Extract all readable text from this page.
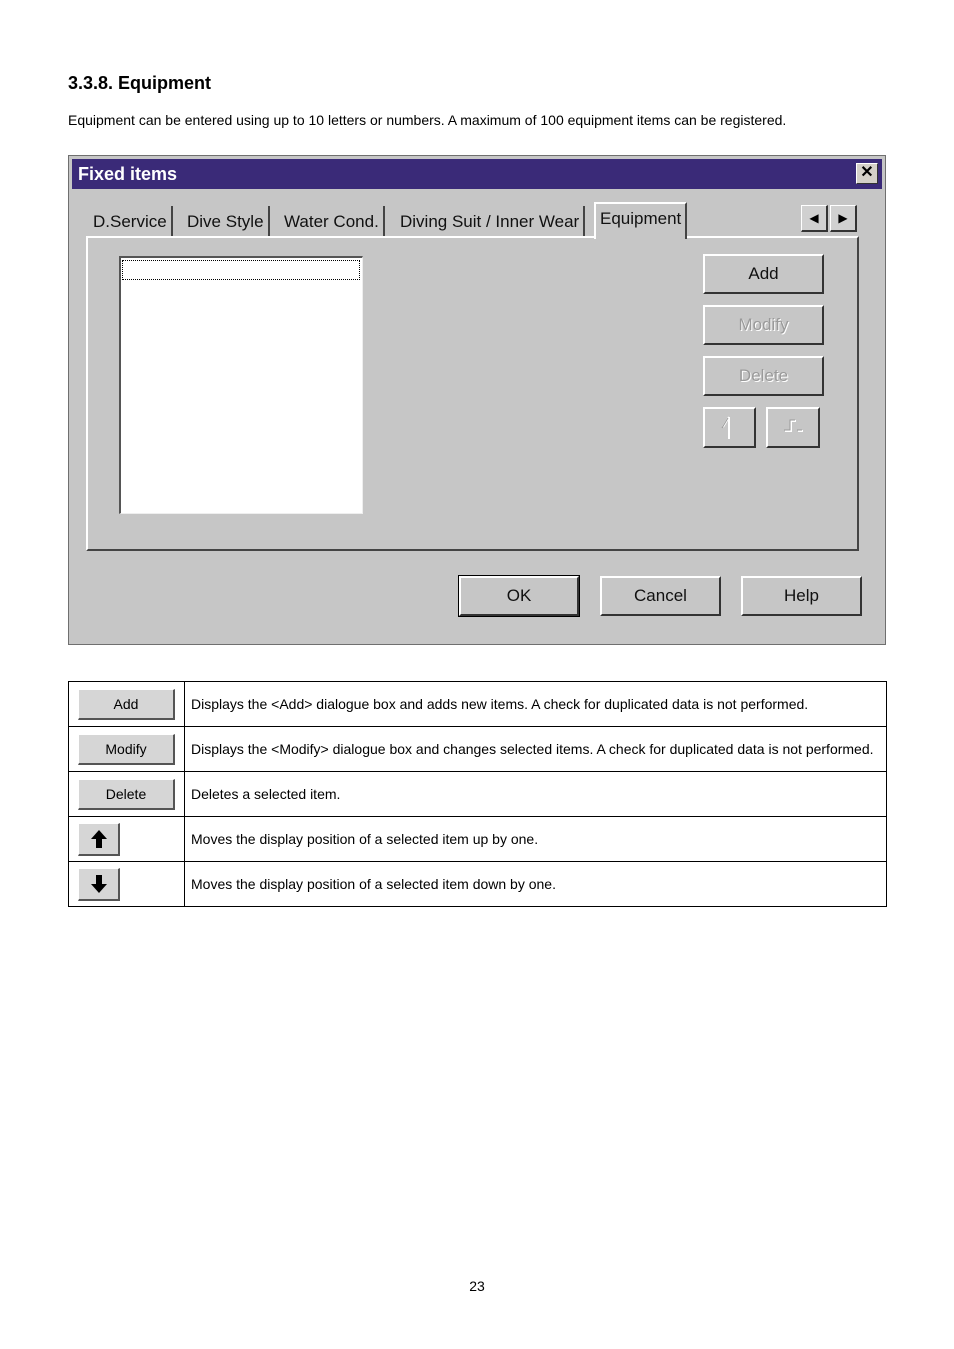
3.3.8. Equipment

Equipment can be entered using up to 10 letters or numbers. A maximum of 100 equipment items can be registered.

Fixed items	✕
D.Service	Dive Style	Water Cond.	Diving Suit / Inner Wear	Equipment	◀	▶
Add
Modify
Delete
OK	Cancel	Help
Add	Displays the <Add> dialogue box and adds new items. A check for duplicated data is not performed.
Modify	Displays the <Modify> dialogue box and changes selected items. A check for duplicated data is not performed.
Delete	Deletes a selected item.

	Moves the display position of a selected item up by one.

	Moves the display position of a selected item down by one.

23
